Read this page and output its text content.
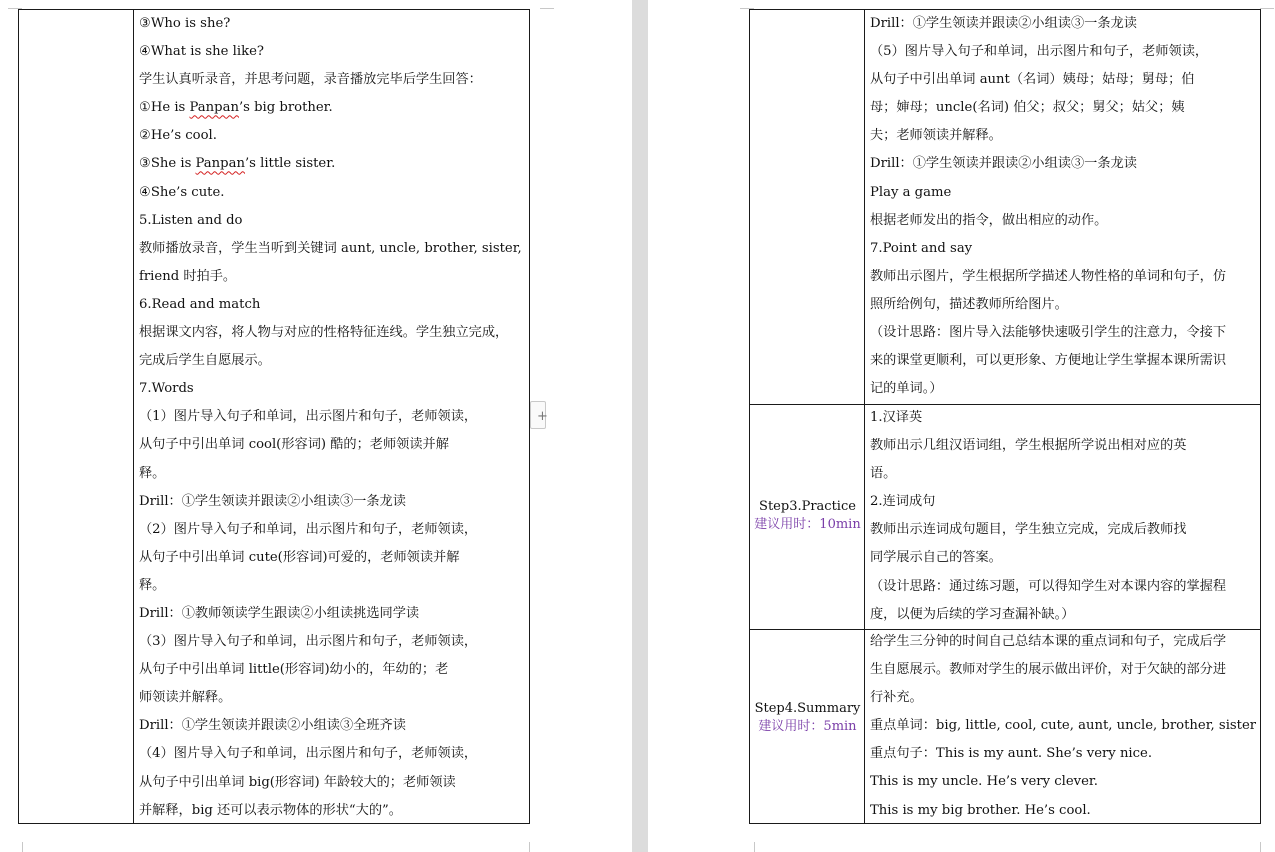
③Who is she?
④What is she like?
学生认真听录音，并思考问题，录音播放完毕后学生回答：
①He is Panpan’s big brother.
②He’s cool.
③She is Panpan’s little sister.
④She’s cute.
5.Listen and do
教师播放录音，学生当听到关键词 aunt, uncle, brother, sister,
friend 时拍手。
6.Read and match
根据课文内容，将人物与对应的性格特征连线。学生独立完成，
完成后学生自愿展示。
7.Words
（1）图片导入句子和单词，出示图片和句子，老师领读，
从句子中引出单词 cool(形容词) 酷的；老师领读并解
释。
Drill：①学生领读并跟读②小组读③一条龙读
（2）图片导入句子和单词，出示图片和句子，老师领读，
从句子中引出单词 cute(形容词)可爱的，老师领读并解
释。
Drill：①教师领读学生跟读②小组读挑选同学读
（3）图片导入句子和单词，出示图片和句子，老师领读，
从句子中引出单词 little(形容词)幼小的，年幼的；老
师领读并解释。
Drill：①学生领读并跟读②小组读③全班齐读
（4）图片导入句子和单词，出示图片和句子，老师领读，
从句子中引出单词 big(形容词) 年龄较大的；老师领读
并解释，big 还可以表示物体的形状“大的”。
+
Drill：①学生领读并跟读②小组读③一条龙读
（5）图片导入句子和单词，出示图片和句子，老师领读，
从句子中引出单词 aunt（名词）姨母；姑母；舅母；伯
母；婶母；uncle(名词) 伯父；叔父；舅父；姑父；姨
夫；老师领读并解释。
Drill：①学生领读并跟读②小组读③一条龙读
Play a game
根据老师发出的指令，做出相应的动作。
7.Point and say
教师出示图片，学生根据所学描述人物性格的单词和句子，仿
照所给例句，描述教师所给图片。
（设计思路：图片导入法能够快速吸引学生的注意力，令接下
来的课堂更顺利，可以更形象、方便地让学生掌握本课所需识
记的单词。）
Step3.Practice
建议用时：10min
1.汉译英
教师出示几组汉语词组，学生根据所学说出相对应的英
语。
2.连词成句
教师出示连词成句题目，学生独立完成，完成后教师找
同学展示自己的答案。
（设计思路：通过练习题，可以得知学生对本课内容的掌握程
度，以便为后续的学习查漏补缺。）
Step4.Summary
建议用时：5min
给学生三分钟的时间自己总结本课的重点词和句子，完成后学
生自愿展示。教师对学生的展示做出评价，对于欠缺的部分进
行补充。
重点单词：big, little, cool, cute, aunt, uncle, brother, sister
重点句子：This is my aunt. She’s very nice.
This is my uncle. He’s very clever.
This is my big brother. He’s cool.
